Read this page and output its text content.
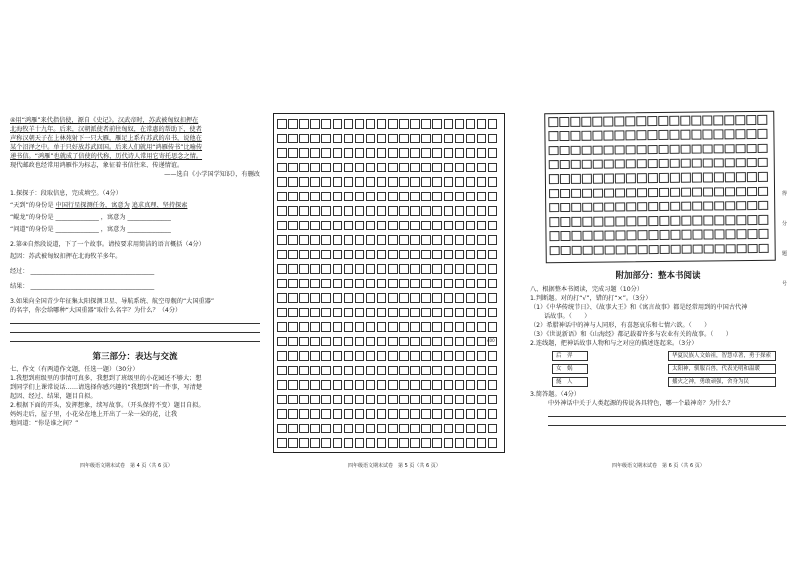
④用“鸿雁”来代指信使，源自《史记》。汉武帝时，苏武被匈奴扣押在
北海牧羊十九年。后来，汉朝派使者前往匈奴，在常惠的帮助下，使者
声称汉朝天子在上林苑射下一只大雁，雁足上系有苏武的帛书，说他在
某个沼泽之中。单于只好放苏武回国。后来人们就用“鸿雁传书”比喻传
递书信。“鸿雁”也就成了信使的代称，历代诗人常用它寄托思念之情。
现代邮政也经常用鸿雁作为标志，象征着书信往来、传递情谊。
——选自《小学国学知识》，有删改
1.探探子：段取信息，完成填空。（4分）
“天到”的身份是 中国行星探测任务，寓意为 追求真理、坚持探索
“鲲龙”的身份是 ______________ ，寓意为 ______________
“问道”的身份是 ______________ ，寓意为 ______________
2.第④自然段说道，下了一个故事。请按要求用简洁的语言概括（4分）
起因：苏武被匈奴扣押在北海牧羊多年。
经过： ________________________________________
结果： ________________________________________
3.如果向全国青少年征集太阳探测卫星、导航系统、航空母舰的“大国重器”
的名字，你会给哪种“大国重器”取什么名字？为什么？（4分）
第三部分：表达与交流
七、作文（有两道作文题，任选一题）（30分）
1.我想到班级里的事情可真多，我想到了班级里的小花园还不够大；想
到同学们上课常说话……请选择你感兴趣的“我想到”的一件事，写清楚
起因、经过、结果，题目自拟。
2.根据下面的开头，发挥想象，续写故事。（开头保持不变）题目自拟。
妈妈走后，屋子里，小花朵在地上开出了一朵一朵的花，让我
地问道：“你是谁之间？”
四年级语文期末试卷　第 4 页（共 6 页）	四年级语文期末试卷　第 5 页（共 6 页）
400
附加部分：整本书阅读
八、根据整本书阅读，完成习题（10分）
1.判断题。对的打“√”，错的打“×”。（3分）
（1）《中华传统节日》、《故事大王》和《寓言故事》都是经常用到的中国古代神
话故事。（　　）
（2）希腊神话中的神与人同形，有喜怒哀乐和七情六欲。（　　）
（3）《世说新语》和《山海经》都记载着许多与农业有关的故事。（　　）
2.连线题，把神话故事人物和与之对应的描述连起来。（3分）
后　羿
女　娲
燧　人
华夏民族人文始祖，智慧卓著，勇于探索
太阳神，驯服百兽，代表光明和温暖
播火之神，勇敢顽强，舍身为民
3.简答题。（4分）
中外神话中关于人类起源的传说各具特色，哪一个最神奇？为什么？
四年级语文期末试卷　第 6 页（共 6 页）
得
分
题
号
